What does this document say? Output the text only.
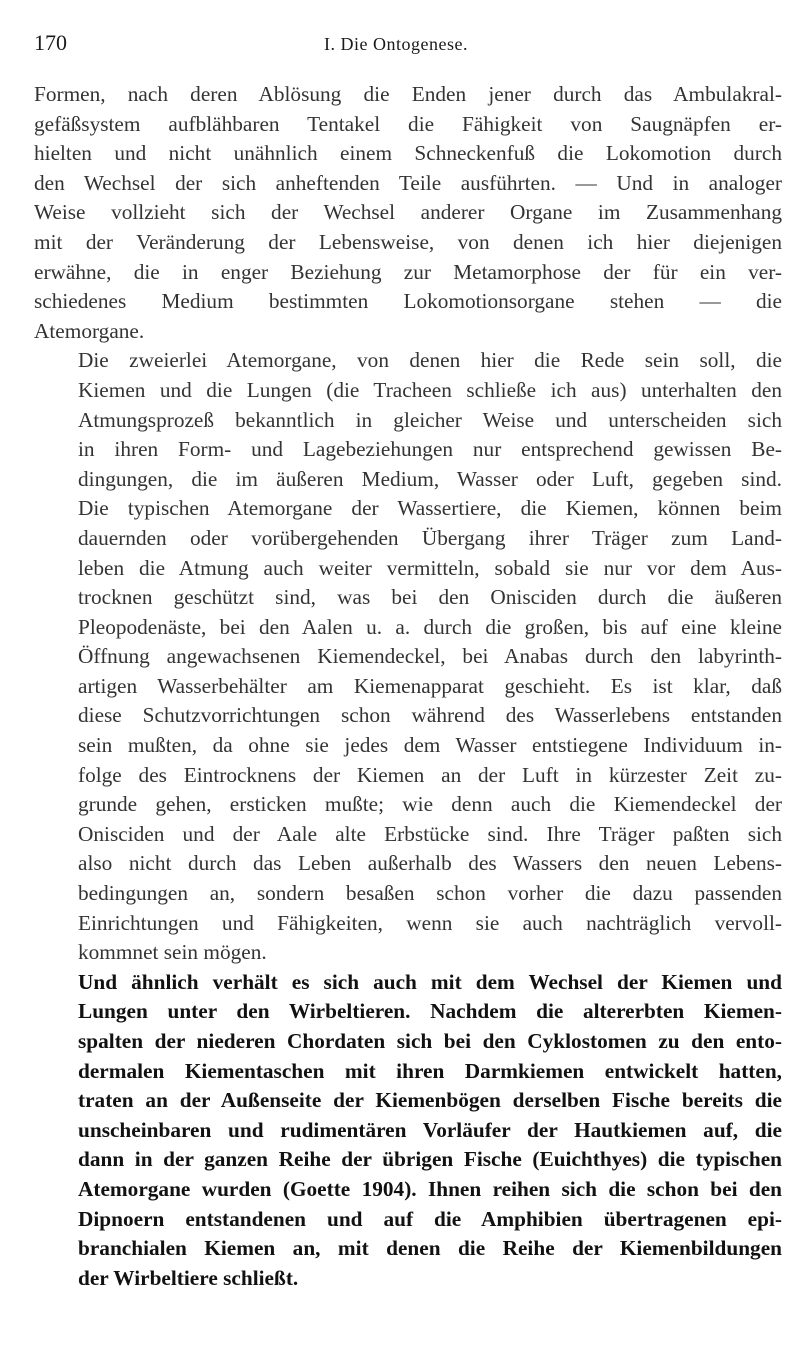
170	I. Die Ontogenese.

Formen, nach deren Ablösung die Enden jener durch das Ambulakral-
gefäßsystem aufblähbaren Tentakel die Fähigkeit von Saugnäpfen er-
hielten und nicht unähnlich einem Schneckenfuß die Lokomotion durch
den Wechsel der sich anheftenden Teile ausführten. — Und in analoger
Weise vollzieht sich der Wechsel anderer Organe im Zusammenhang
mit der Veränderung der Lebensweise, von denen ich hier diejenigen
erwähne, die in enger Beziehung zur Metamorphose der für ein ver-
schiedenes Medium bestimmten Lokomotionsorgane stehen — die
Atemorgane.

Die zweierlei Atemorgane, von denen hier die Rede sein soll, die
Kiemen und die Lungen (die Tracheen schließe ich aus) unterhalten den
Atmungsprozeß bekanntlich in gleicher Weise und unterscheiden sich
in ihren Form- und Lagebeziehungen nur entsprechend gewissen Be-
dingungen, die im äußeren Medium, Wasser oder Luft, gegeben sind.
Die typischen Atemorgane der Wassertiere, die Kiemen, können beim
dauernden oder vorübergehenden Übergang ihrer Träger zum Land-
leben die Atmung auch weiter vermitteln, sobald sie nur vor dem Aus-
trocknen geschützt sind, was bei den Onisciden durch die äußeren
Pleopodenäste, bei den Aalen u. a. durch die großen, bis auf eine kleine
Öffnung angewachsenen Kiemendeckel, bei Anabas durch den labyrinth-
artigen Wasserbehälter am Kiemenapparat geschieht. Es ist klar, daß
diese Schutzvorrichtungen schon während des Wasserlebens entstanden
sein mußten, da ohne sie jedes dem Wasser entstiegene Individuum in-
folge des Eintrocknens der Kiemen an der Luft in kürzester Zeit zu-
grunde gehen, ersticken mußte; wie denn auch die Kiemendeckel der
Onisciden und der Aale alte Erbstücke sind. Ihre Träger paßten sich
also nicht durch das Leben außerhalb des Wassers den neuen Lebens-
bedingungen an, sondern besaßen schon vorher die dazu passenden
Einrichtungen und Fähigkeiten, wenn sie auch nachträglich vervoll-
kommnet sein mögen.

Und ähnlich verhält es sich auch mit dem Wechsel der Kiemen und
Lungen unter den Wirbeltieren. Nachdem die altererbten Kiemen-
spalten der niederen Chordaten sich bei den Cyklostomen zu den ento-
dermalen Kiementaschen mit ihren Darmkiemen entwickelt hatten,
traten an der Außenseite der Kiemenbögen derselben Fische bereits die
unscheinbaren und rudimentären Vorläufer der Hautkiemen auf, die
dann in der ganzen Reihe der übrigen Fische (Euichthyes) die typischen
Atemorgane wurden (Goette 1904). Ihnen reihen sich die schon bei den
Dipnoern entstandenen und auf die Amphibien übertragenen epi-
branchialen Kiemen an, mit denen die Reihe der Kiemenbildungen
der Wirbeltiere schließt.
